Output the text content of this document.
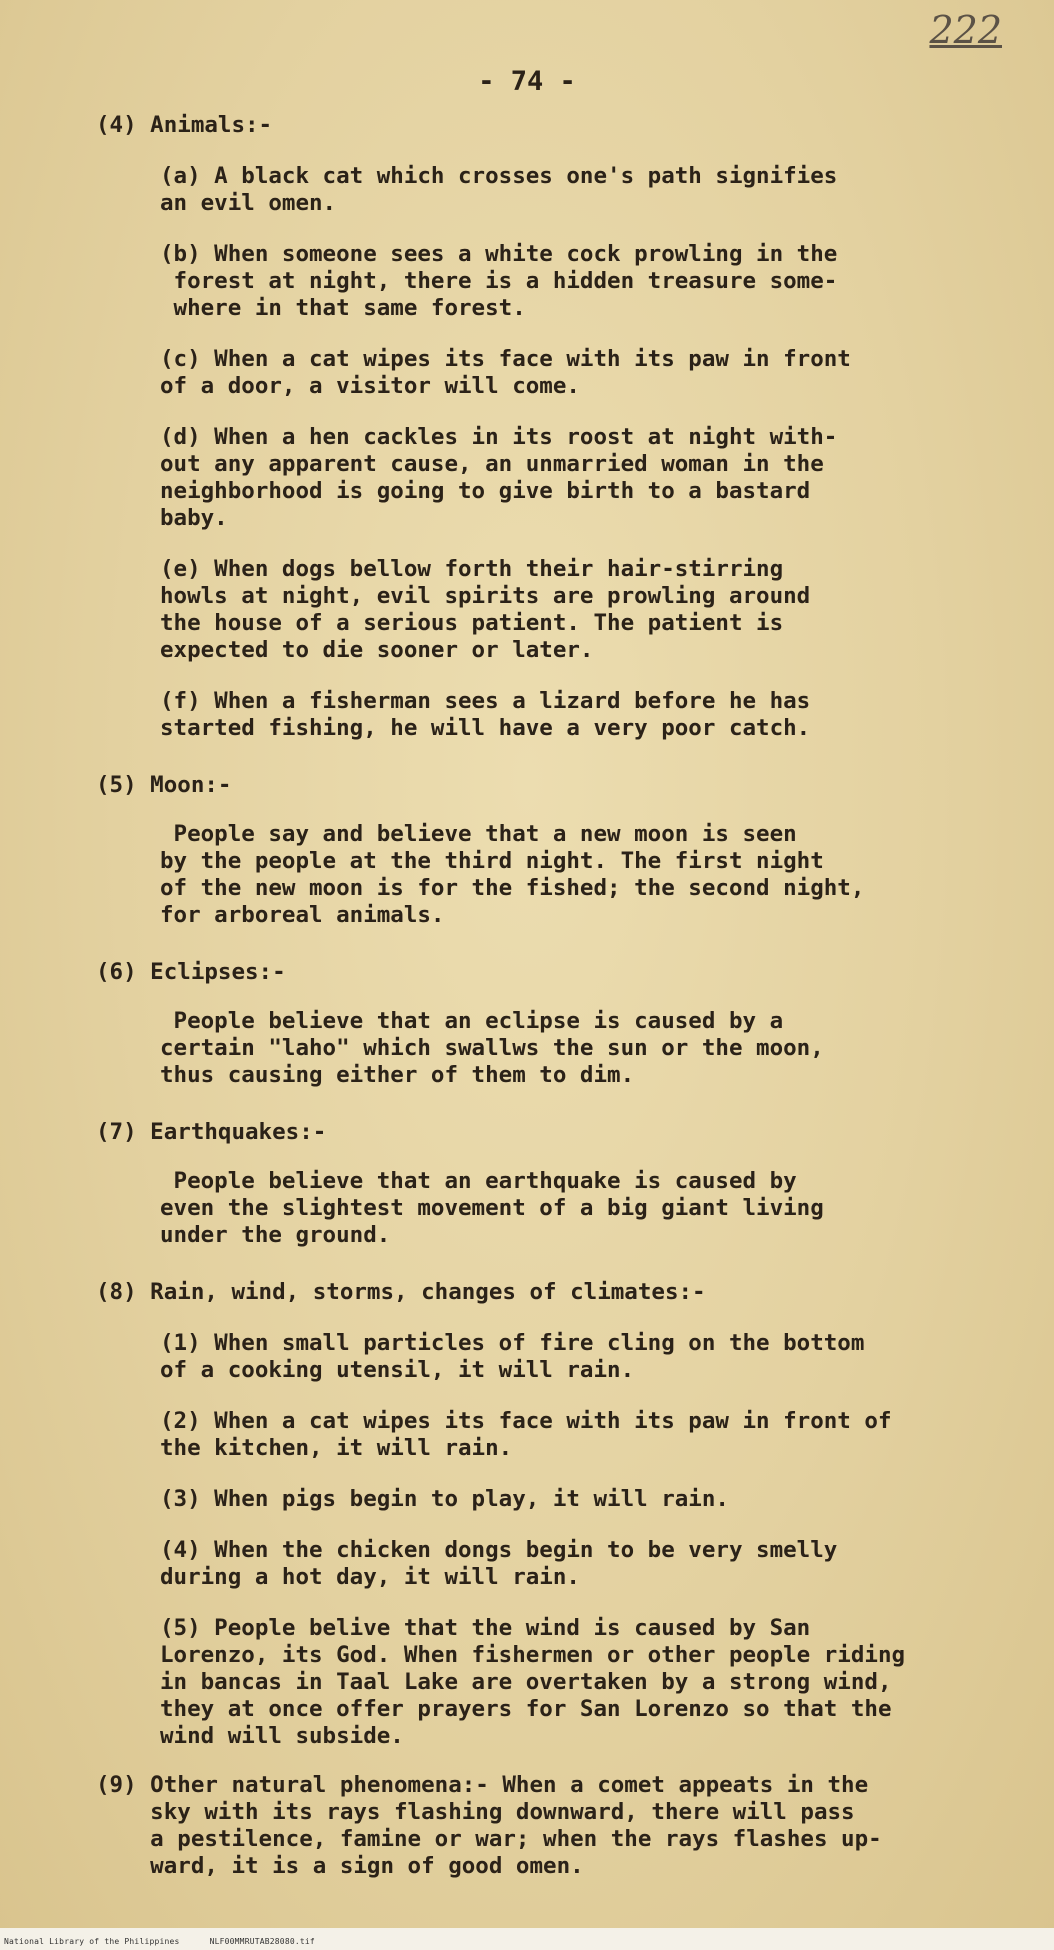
222
- 74 -

(4) Animals:-

(a) A black cat which crosses one's path signifies
an evil omen.
(b) When someone sees a white cock prowling in the
forest at night, there is a hidden treasure some-
where in that same forest.
(c) When a cat wipes its face with its paw in front
of a door, a visitor will come.
(d) When a hen cackles in its roost at night with-
out any apparent cause, an unmarried woman in the
neighborhood is going to give birth to a bastard
baby.
(e) When dogs bellow forth their hair-stirring
howls at night, evil spirits are prowling around
the house of a serious patient. The patient is
expected to die sooner or later.
(f) When a fisherman sees a lizard before he has
started fishing, he will have a very poor catch.

(5) Moon:-

People say and believe that a new moon is seen
by the people at the third night. The first night
of the new moon is for the fished; the second night,
for arboreal animals.

(6) Eclipses:-

People believe that an eclipse is caused by a
certain "laho" which swallws the sun or the moon,
thus causing either of them to dim.

(7) Earthquakes:-

People believe that an earthquake is caused by
even the slightest movement of a big giant living
under the ground.

(8) Rain, wind, storms, changes of climates:-

(1) When small particles of fire cling on the bottom
of a cooking utensil, it will rain.
(2) When a cat wipes its face with its paw in front of
the kitchen, it will rain.
(3) When pigs begin to play, it will rain.
(4) When the chicken dongs begin to be very smelly
during a hot day, it will rain.
(5) People belive that the wind is caused by San
Lorenzo, its God. When fishermen or other people riding
in bancas in Taal Lake are overtaken by a strong wind,
they at once offer prayers for San Lorenzo so that the
wind will subside.
(9) Other natural phenomena:- When a comet appeats in the
sky with its rays flashing downward, there will pass
a pestilence, famine or war; when the rays flashes up-
ward, it is a sign of good omen.
National Library of the Philippines	NLF00MMRUTAB28080.tif
